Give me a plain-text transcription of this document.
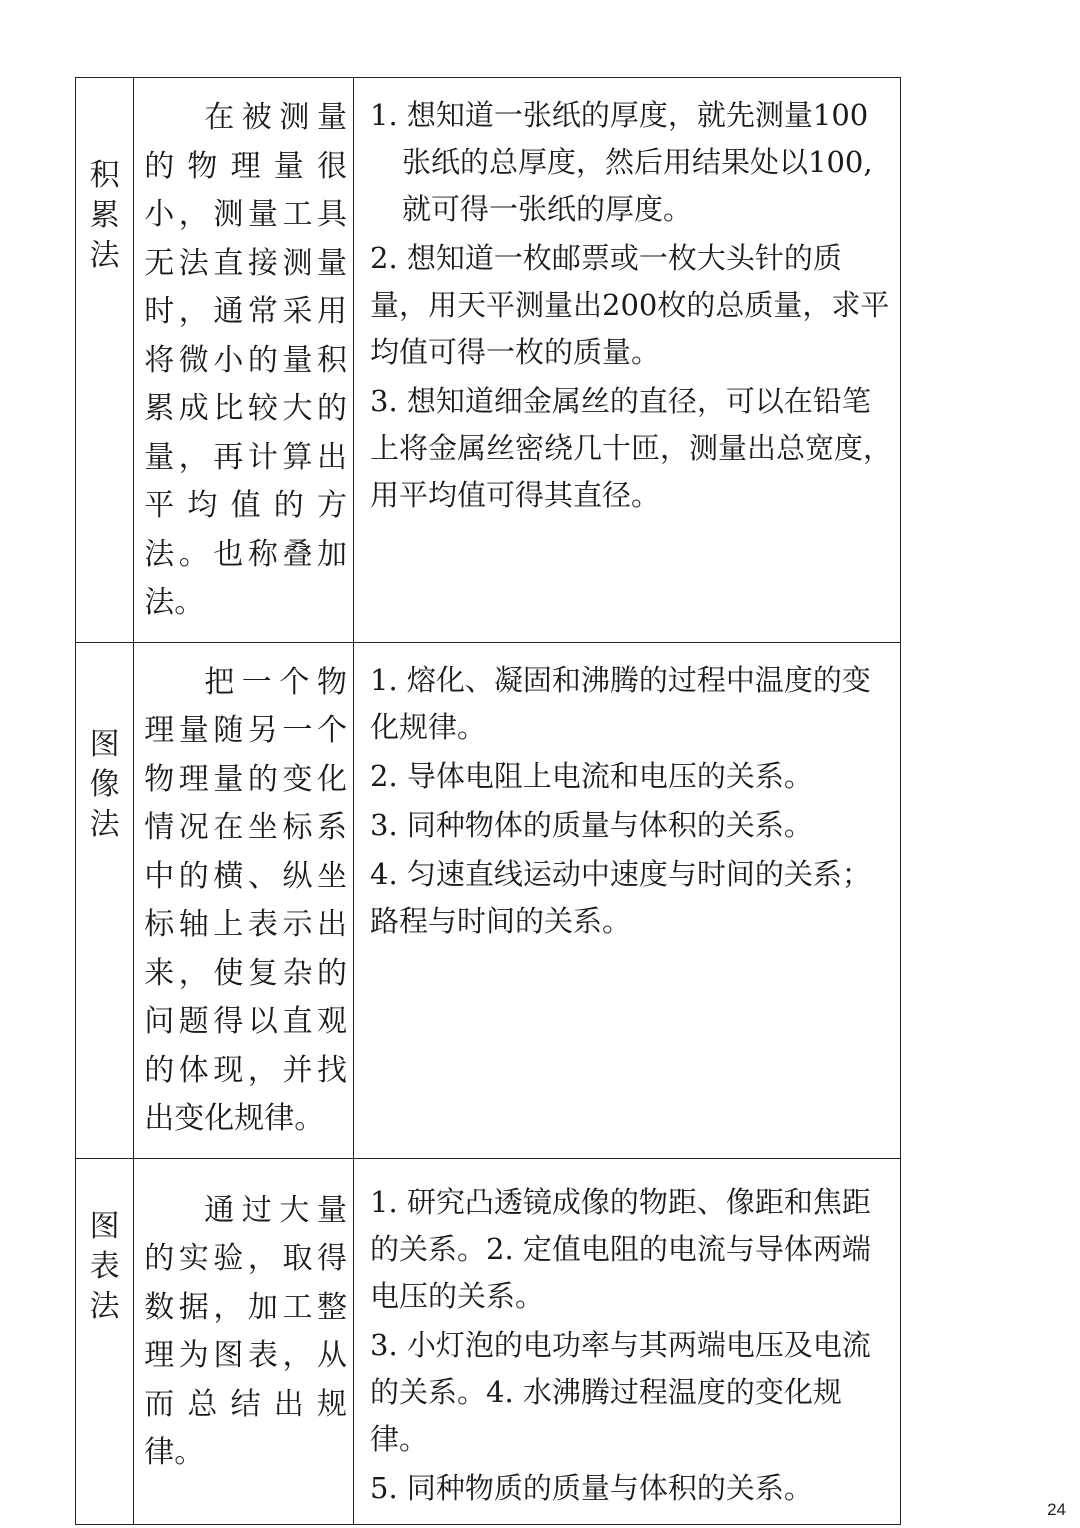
积累法	在被测量的物理量很小，测量工具无法直接测量时，通常采用将微小的量积累成比较大的量，再计算出平均值的方法。也称叠加法。	1. 想知道一张纸的厚度，就先测量100张纸的总厚度，然后用结果处以100,就可得一张纸的厚度。

2. 想知道一枚邮票或一枚大头针的质量，用天平测量出200枚的总质量，求平均值可得一枚的质量。

3. 想知道细金属丝的直径，可以在铅笔上将金属丝密绕几十匝，测量出总宽度，用平均值可得其直径。

图像法	把一个物理量随另一个物理量的变化情况在坐标系中的横、纵坐标轴上表示出来，使复杂的问题得以直观的体现，并找出变化规律。	1. 熔化、凝固和沸腾的过程中温度的变化规律。

2. 导体电阻上电流和电压的关系。

3. 同种物体的质量与体积的关系。

4. 匀速直线运动中速度与时间的关系；路程与时间的关系。

图表法	通过大量的实验，取得数据，加工整理为图表，从而总结出规律。	1. 研究凸透镜成像的物距、像距和焦距的关系。2. 定值电阻的电流与导体两端电压的关系。

3. 小灯泡的电功率与其两端电压及电流的关系。4. 水沸腾过程温度的变化规律。

5. 同种物质的质量与体积的关系。

24
